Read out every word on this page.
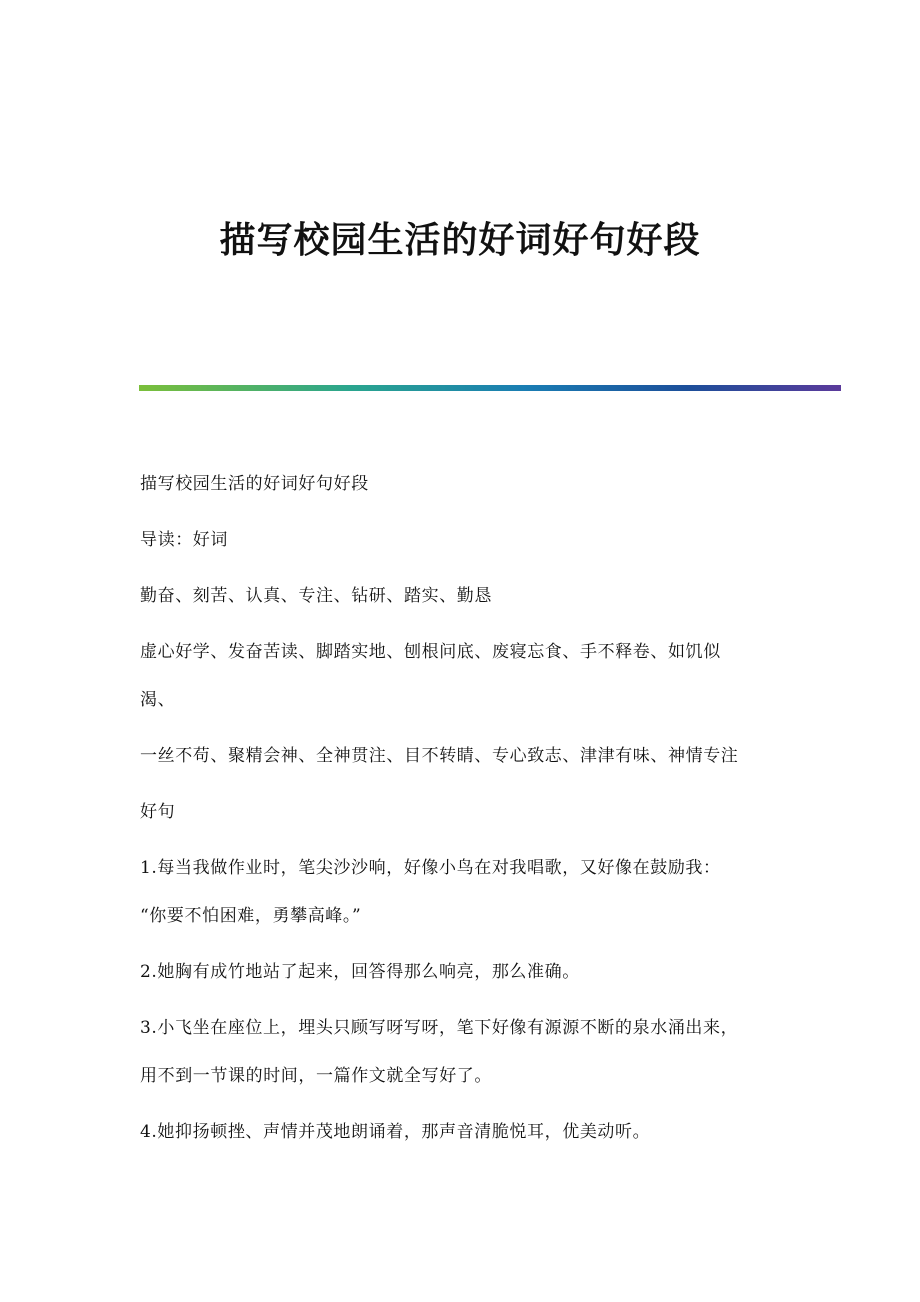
描写校园生活的好词好句好段
描写校园生活的好词好句好段
导读：好词
勤奋、刻苦、认真、专注、钻研、踏实、勤恳
虚心好学、发奋苦读、脚踏实地、刨根问底、废寝忘食、手不释卷、如饥似
渴、
一丝不苟、聚精会神、全神贯注、目不转睛、专心致志、津津有味、神情专注
好句
1.每当我做作业时，笔尖沙沙响，好像小鸟在对我唱歌，又好像在鼓励我：
“你要不怕困难，勇攀高峰。”
2.她胸有成竹地站了起来，回答得那么响亮，那么准确。
3.小飞坐在座位上，埋头只顾写呀写呀，笔下好像有源源不断的泉水涌出来，
用不到一节课的时间，一篇作文就全写好了。
4.她抑扬顿挫、声情并茂地朗诵着，那声音清脆悦耳，优美动听。
